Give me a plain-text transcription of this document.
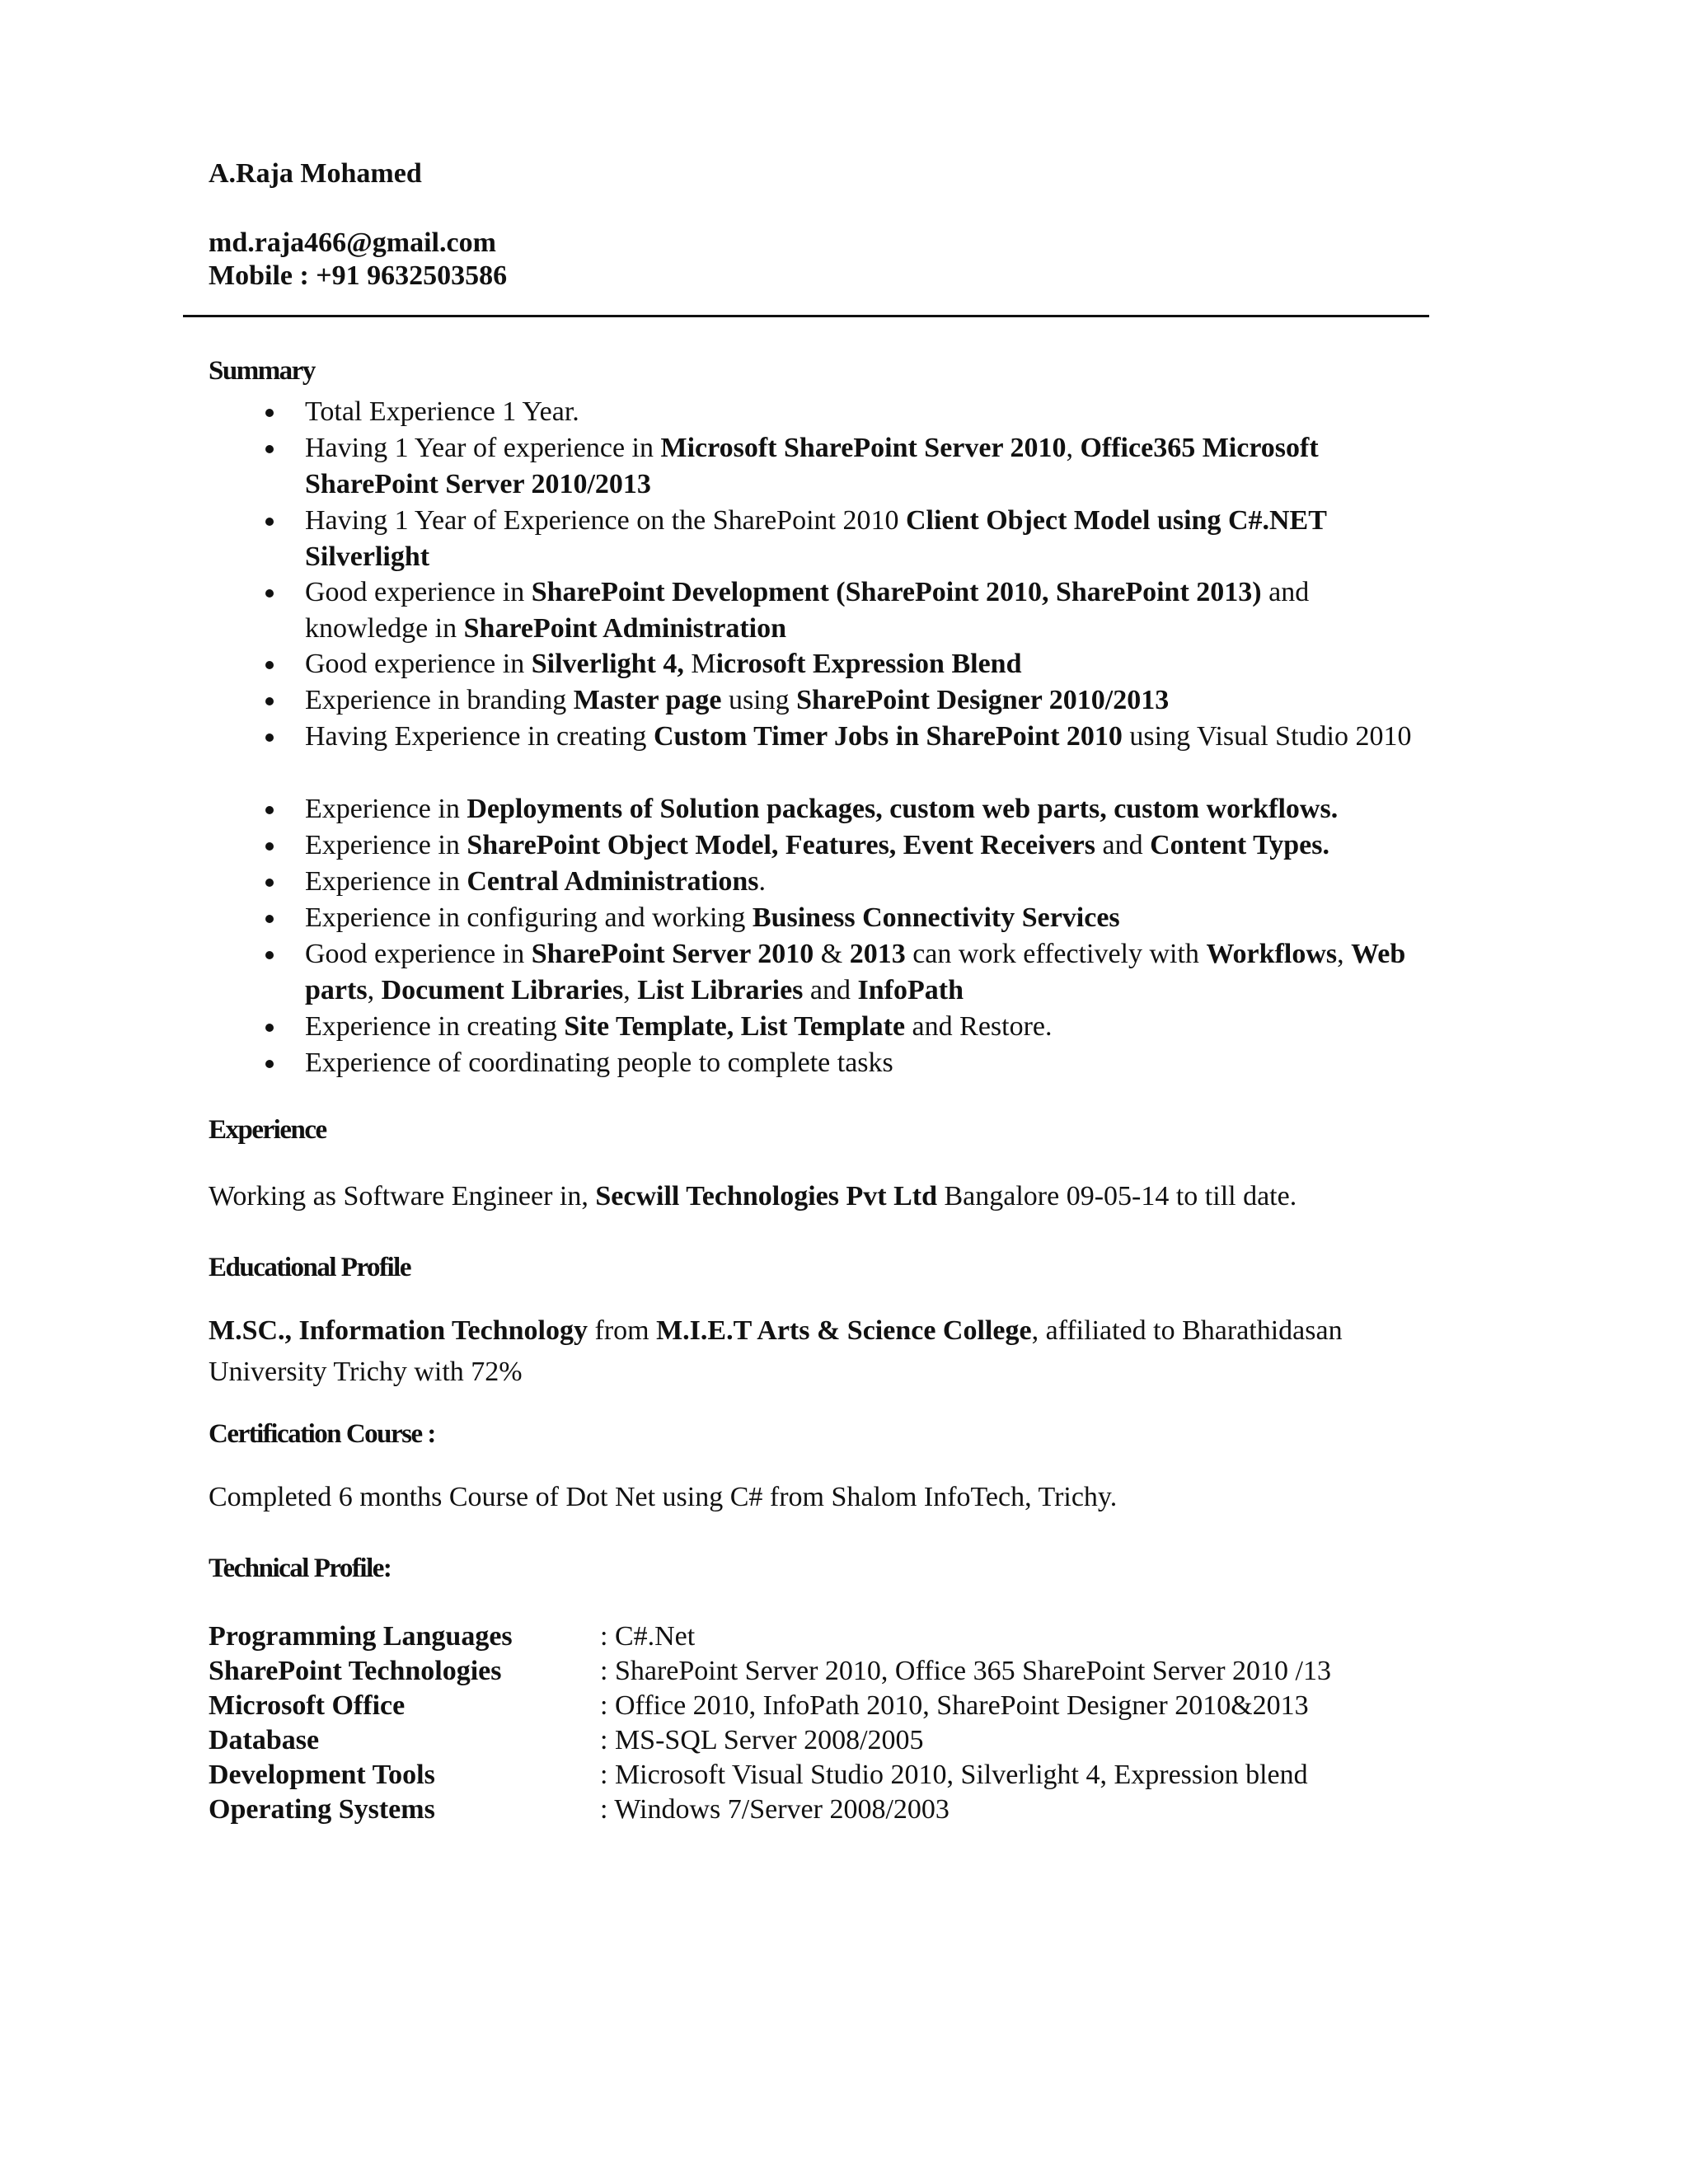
A.Raja Mohamed
md.raja466@gmail.com
Mobile : +91 9632503586
Summary
Total Experience 1 Year.
Having 1 Year of experience in Microsoft SharePoint Server 2010, Office365 Microsoft SharePoint Server 2010/2013
Having 1 Year of Experience on the SharePoint 2010 Client Object Model using C#.NET Silverlight
Good experience in SharePoint Development (SharePoint 2010, SharePoint 2013) and knowledge in SharePoint Administration
Good experience in Silverlight 4, Microsoft Expression Blend
Experience in branding Master page using SharePoint Designer 2010/2013
Having Experience in creating Custom Timer Jobs in SharePoint 2010 using Visual Studio 2010
Experience in Deployments of Solution packages, custom web parts, custom workflows.
Experience in SharePoint Object Model, Features, Event Receivers and Content Types.
Experience in Central Administrations.
Experience in configuring and working Business Connectivity Services
Good experience in SharePoint Server 2010 & 2013 can work effectively with Workflows, Web parts, Document Libraries, List Libraries and InfoPath
Experience in creating Site Template, List Template and Restore.
Experience of coordinating people to complete tasks
Experience
Working as Software Engineer in, Secwill Technologies Pvt Ltd Bangalore 09-05-14 to till date.
Educational Profile
M.SC., Information Technology from M.I.E.T Arts & Science College, affiliated to Bharathidasan University Trichy with 72%
Certification Course :
Completed 6 months Course of Dot Net using C# from Shalom InfoTech, Trichy.
Technical Profile:
Programming Languages	: C#.Net
SharePoint Technologies	: SharePoint Server 2010, Office 365 SharePoint Server 2010 /13
Microsoft Office	: Office 2010, InfoPath 2010, SharePoint Designer 2010&2013
Database	: MS-SQL Server 2008/2005
Development Tools	: Microsoft Visual Studio 2010, Silverlight 4, Expression blend
Operating Systems	: Windows 7/Server 2008/2003
